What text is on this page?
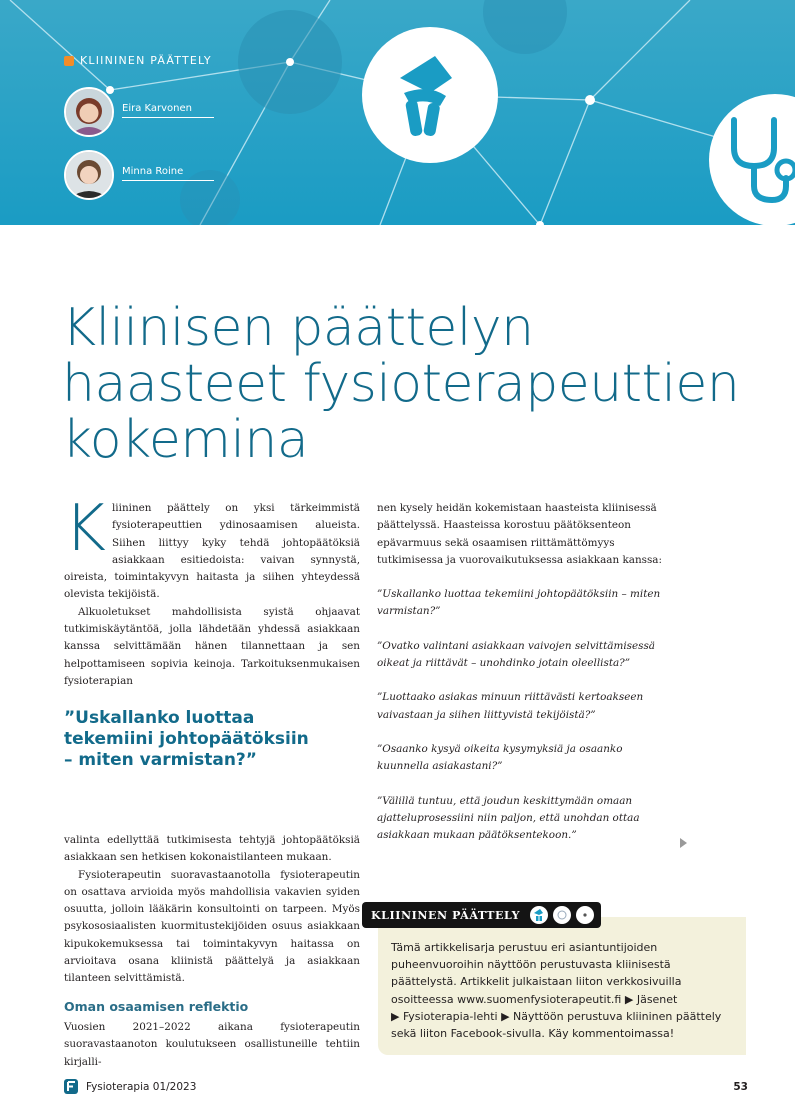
KLIININEN PÄÄTTELY
Eira Karvonen
Minna Roine
Kliinisen päättelyn
haasteet fysioterapeuttien
kokemina

Kliininen päättely on yksi tärkeimmistä fysioterapeuttien ydinosaamisen alueista. Siihen liittyy kyky tehdä johtopäätöksiä asiakkaan esitiedoista: vaivan synnystä, oireista, toimintakyvyn haitasta ja siihen yhteydessä olevista tekijöistä.

Alkuoletukset mahdollisista syistä ohjaavat tutkimiskäytäntöä, jolla lähdetään yhdessä asiakkaan kanssa selvittämään hänen tilannettaan ja sen helpottamiseen sopivia keinoja. Tarkoituksenmukaisen fysioterapian

”Uskallanko luottaa tekemiini johtopäätöksiin – miten varmistan?”

valinta edellyttää tutkimisesta tehtyjä johtopäätöksiä asiakkaan sen hetkisen kokonaistilanteen mukaan.

Fysioterapeutin suoravastaanotolla fysioterapeutin on osattava arvioida myös mahdollisia vakavien syiden osuutta, jolloin lääkärin konsultointi on tarpeen. Myös psykososiaalisten kuormitustekijöiden osuus asiakkaan kipukokemuksessa tai toimintakyvyn haitassa on arvioitava osana kliinistä päättelyä ja asiakkaan tilanteen selvittämistä.

Oman osaamisen reflektio

Vuosien 2021–2022 aikana fysioterapeutin suoravastaanoton koulutukseen osallistuneille tehtiin kirjalli-

nen kysely heidän kokemistaan haasteista kliinisessä päättelyssä. Haasteissa korostuu päätöksenteon epävarmuus sekä osaamisen riittämättömyys tutkimisessa ja vuorovaikutuksessa asiakkaan kanssa:

”Uskallanko luottaa tekemiini johtopäätöksiin – miten varmistan?”

”Ovatko valintani asiakkaan vaivojen selvittämisessä oikeat ja riittävät – unohdinko jotain oleellista?”

”Luottaako asiakas minuun riittävästi kertoakseen vaivastaan ja siihen liittyvistä tekijöistä?”

”Osaanko kysyä oikeita kysymyksiä ja osaanko kuunnella asiakastani?”

”Välillä tuntuu, että joudun keskittymään omaan ajatteluprosessiini niin paljon, että unohdan ottaa asiakkaan mukaan päätöksentekoon.”

Tämä artikkelisarja perustuu eri asiantuntijoiden puheenvuoroihin näyttöön perustuvasta kliinisestä päättelystä. Artikkelit julkaistaan liiton verkkosivuilla osoitteessa www.suomenfysioterapeutit.fi ▶ Jäsenet
▶ Fysioterapia-lehti ▶ Näyttöön perustuva kliininen päättely sekä liiton Facebook-sivulla. Käy kommentoimassa!
KLIININEN PÄÄTTELY
Fysioterapia 01/2023	53
